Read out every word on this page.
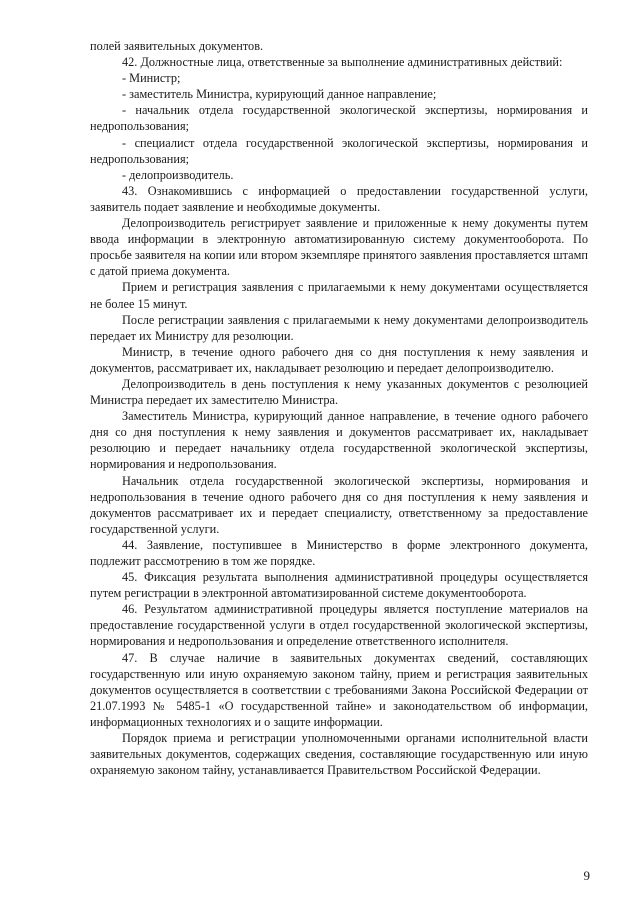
полей заявительных документов.

42. Должностные лица, ответственные за выполнение административных действий:

- Министр;

- заместитель Министра, курирующий данное направление;

- начальник отдела государственной экологической экспертизы, нормирования и недропользования;

- специалист отдела государственной экологической экспертизы, нормирования и недропользования;

- делопроизводитель.

43. Ознакомившись с информацией о предоставлении государственной услуги, заявитель подает заявление и необходимые документы.

Делопроизводитель регистрирует заявление и приложенные к нему документы путем ввода информации в электронную автоматизированную систему документооборота. По просьбе заявителя на копии или втором экземпляре принятого заявления проставляется штамп с датой приема документа.

Прием и регистрация заявления с прилагаемыми к нему документами осуществляется не более 15 минут.

После регистрации заявления с прилагаемыми к нему документами делопроизводитель передает их Министру для резолюции.

Министр, в течение одного рабочего дня со дня поступления к нему заявления и документов, рассматривает их, накладывает резолюцию и передает делопроизводителю.

Делопроизводитель в день поступления к нему указанных документов с резолюцией Министра передает их заместителю Министра.

Заместитель Министра, курирующий данное направление, в течение одного рабочего дня со дня поступления к нему заявления и документов рассматривает их, накладывает резолюцию и передает начальнику отдела государственной экологической экспертизы, нормирования и недропользования.

Начальник отдела государственной экологической экспертизы, нормирования и недропользования в течение одного рабочего дня со дня поступления к нему заявления и документов рассматривает их и передает специалисту, ответственному за предоставление государственной услуги.

44. Заявление, поступившее в Министерство в форме электронного документа, подлежит рассмотрению в том же порядке.

45. Фиксация результата выполнения административной процедуры осуществляется путем регистрации в электронной автоматизированной системе документооборота.

46. Результатом административной процедуры является поступление материалов на предоставление государственной услуги в отдел государственной экологической экспертизы, нормирования и недропользования и определение ответственного исполнителя.

47. В случае наличие в заявительных документах сведений, составляющих государственную или иную охраняемую законом тайну, прием и регистрация заявительных документов осуществляется в соответствии с требованиями Закона Российской Федерации от 21.07.1993 № 5485-1 «О государственной тайне» и законодательством об информации, информационных технологиях и о защите информации.

Порядок приема и регистрации уполномоченными органами исполнительной власти заявительных документов, содержащих сведения, составляющие государственную или иную охраняемую законом тайну, устанавливается Правительством Российской Федерации.

9
